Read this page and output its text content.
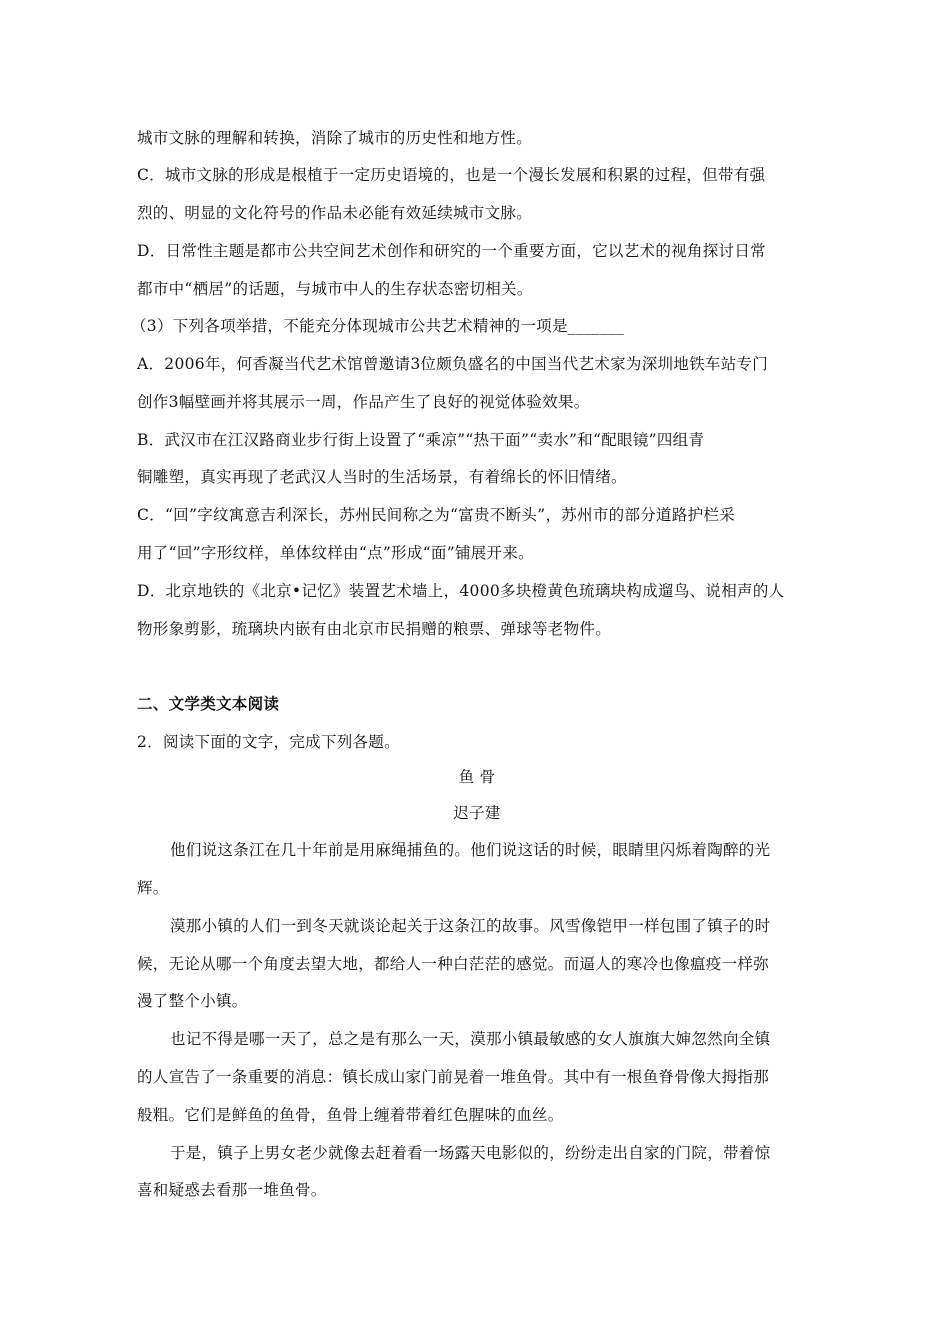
城市文脉的理解和转换，消除了城市的历史性和地方性。
C．城市文脉的形成是根植于一定历史语境的，也是一个漫长发展和积累的过程，但带有强
烈的、明显的文化符号的作品未必能有效延续城市文脉。
D．日常性主题是都市公共空间艺术创作和研究的一个重要方面，它以艺术的视角探讨日常
都市中“栖居”的话题，与城市中人的生存状态密切相关。
（3）下列各项举措，不能充分体现城市公共艺术精神的一项是_______
A．2006年，何香凝当代艺术馆曾邀请3位颇负盛名的中国当代艺术家为深圳地铁车站专门
创作3幅壁画并将其展示一周，作品产生了良好的视觉体验效果。
B．武汉市在江汉路商业步行街上设置了“乘凉”“热干面”“卖水”和“配眼镜”四组青
铜雕塑，真实再现了老武汉人当时的生活场景，有着绵长的怀旧情绪。
C．“回”字纹寓意吉利深长，苏州民间称之为“富贵不断头”，苏州市的部分道路护栏采
用了“回”字形纹样，单体纹样由“点”形成“面”铺展开来。
D．北京地铁的《北京•记忆》装置艺术墙上，4000多块橙黄色琉璃块构成遛鸟、说相声的人
物形象剪影，琉璃块内嵌有由北京市民捐赠的粮票、弹球等老物件。
二、文学类文本阅读
2．阅读下面的文字，完成下列各题。
鱼 骨
迟子建
他们说这条江在几十年前是用麻绳捕鱼的。他们说这话的时候，眼睛里闪烁着陶醉的光
辉。
漠那小镇的人们一到冬天就谈论起关于这条江的故事。风雪像铠甲一样包围了镇子的时
候，无论从哪一个角度去望大地，都给人一种白茫茫的感觉。而逼人的寒冷也像瘟疫一样弥
漫了整个小镇。
也记不得是哪一天了，总之是有那么一天，漠那小镇最敏感的女人旗旗大婶忽然向全镇
的人宣告了一条重要的消息：镇长成山家门前晃着一堆鱼骨。其中有一根鱼脊骨像大拇指那
般粗。它们是鲜鱼的鱼骨，鱼骨上缠着带着红色腥味的血丝。
于是，镇子上男女老少就像去赶着看一场露天电影似的，纷纷走出自家的门院，带着惊
喜和疑惑去看那一堆鱼骨。
